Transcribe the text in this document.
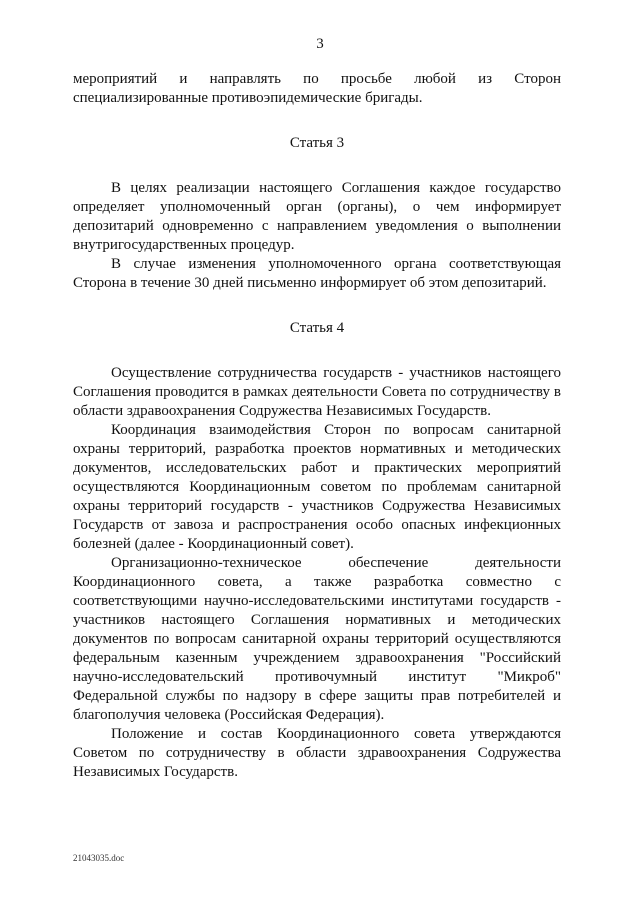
3

мероприятий и направлять по просьбе любой из Сторон специализированные противоэпидемические бригады.

Статья 3

В целях реализации настоящего Соглашения каждое государство определяет уполномоченный орган (органы), о чем информирует депозитарий одновременно с направлением уведомления о выполнении внутригосударственных процедур.

В случае изменения уполномоченного органа соответствующая Сторона в течение 30 дней письменно информирует об этом депозитарий.

Статья 4

Осуществление сотрудничества государств - участников настоящего Соглашения проводится в рамках деятельности Совета по сотрудничеству в области здравоохранения Содружества Независимых Государств.

Координация взаимодействия Сторон по вопросам санитарной охраны территорий, разработка проектов нормативных и методических документов, исследовательских работ и практических мероприятий осуществляются Координационным советом по проблемам санитарной охраны территорий государств - участников Содружества Независимых Государств от завоза и распространения особо опасных инфекционных болезней (далее - Координационный совет).

Организационно-техническое обеспечение деятельности Координационного совета, а также разработка совместно с соответствующими научно-исследовательскими институтами государств - участников настоящего Соглашения нормативных и методических документов по вопросам санитарной охраны территорий осуществляются федеральным казенным учреждением здравоохранения "Российский научно-исследовательский противочумный институт "Микроб" Федеральной службы по надзору в сфере защиты прав потребителей и благополучия человека (Российская Федерация).

Положение и состав Координационного совета утверждаются Советом по сотрудничеству в области здравоохранения Содружества Независимых Государств.

21043035.doc
